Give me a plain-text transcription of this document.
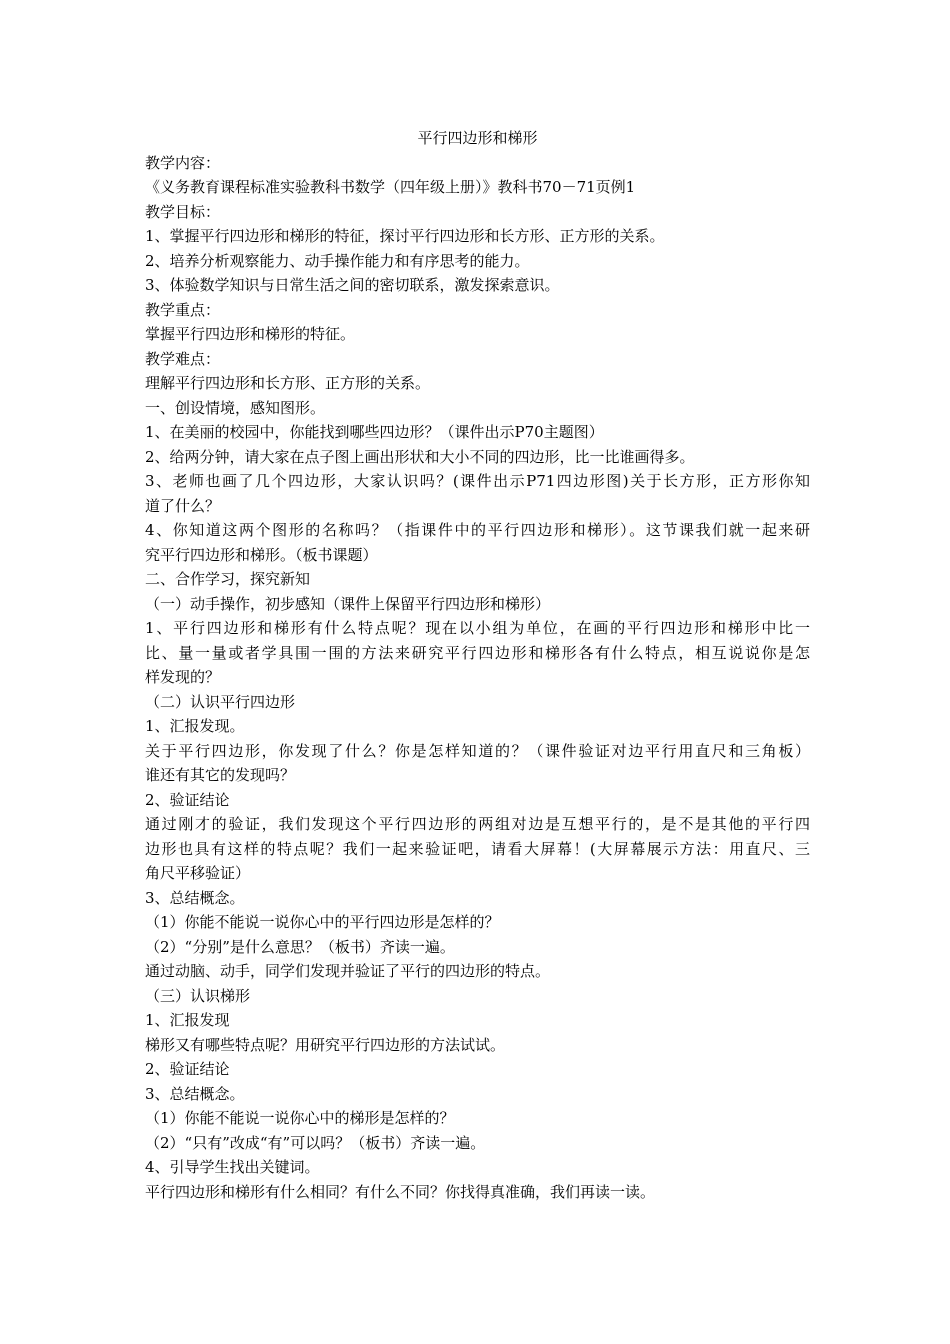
平行四边形和梯形
教学内容：
《义务教育课程标准实验教科书数学（四年级上册）》教科书70－71页例1
教学目标：
1、掌握平行四边形和梯形的特征，探讨平行四边形和长方形、正方形的关系。
2、培养分析观察能力、动手操作能力和有序思考的能力。
3、体验数学知识与日常生活之间的密切联系，激发探索意识。
教学重点：
掌握平行四边形和梯形的特征。
教学难点：
理解平行四边形和长方形、正方形的关系。
一、创设情境，感知图形。
1、在美丽的校园中，你能找到哪些四边形？（课件出示P70主题图）
2、给两分钟，请大家在点子图上画出形状和大小不同的四边形，比一比谁画得多。
3、老师也画了几个四边形，大家认识吗？(课件出示P71四边形图)关于长方形，正方形你知
道了什么？
4、你知道这两个图形的名称吗？（指课件中的平行四边形和梯形）。这节课我们就一起来研
究平行四边形和梯形。（板书课题）
二、合作学习，探究新知
（一）动手操作，初步感知（课件上保留平行四边形和梯形）
1、平行四边形和梯形有什么特点呢？现在以小组为单位，在画的平行四边形和梯形中比一
比、量一量或者学具围一围的方法来研究平行四边形和梯形各有什么特点，相互说说你是怎
样发现的？
（二）认识平行四边形
1、汇报发现。
关于平行四边形，你发现了什么？你是怎样知道的？（课件验证对边平行用直尺和三角板）
谁还有其它的发现吗？
2、验证结论
通过刚才的验证，我们发现这个平行四边形的两组对边是互想平行的，是不是其他的平行四
边形也具有这样的特点呢？我们一起来验证吧，请看大屏幕！(大屏幕展示方法：用直尺、三
角尺平移验证）
3、总结概念。
（1）你能不能说一说你心中的平行四边形是怎样的？
（2）“分别”是什么意思？（板书）齐读一遍。
通过动脑、动手，同学们发现并验证了平行的四边形的特点。
（三）认识梯形
1、汇报发现
梯形又有哪些特点呢？用研究平行四边形的方法试试。
2、验证结论
3、总结概念。
（1）你能不能说一说你心中的梯形是怎样的？
（2）“只有”改成“有”可以吗？（板书）齐读一遍。
4、引导学生找出关键词。
平行四边形和梯形有什么相同？有什么不同？你找得真准确，我们再读一读。
